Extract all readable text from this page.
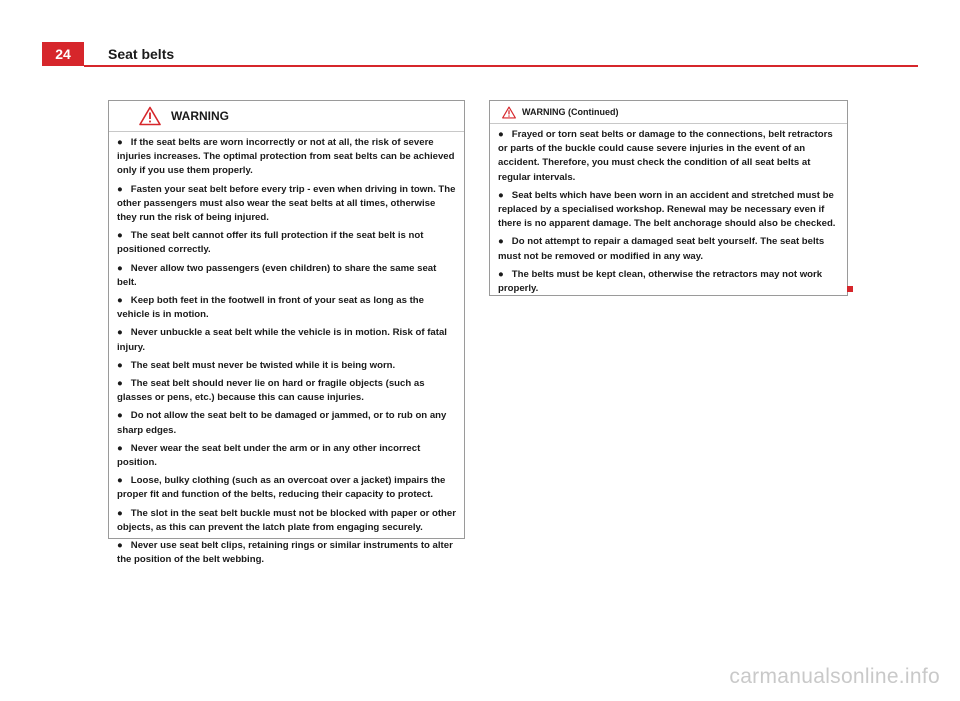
24	Seat belts
WARNING

● If the seat belts are worn incorrectly or not at all, the risk of severe injuries increases. The optimal protection from seat belts can be achieved only if you use them properly.

● Fasten your seat belt before every trip - even when driving in town. The other passengers must also wear the seat belts at all times, otherwise they run the risk of being injured.

● The seat belt cannot offer its full protection if the seat belt is not positioned correctly.

● Never allow two passengers (even children) to share the same seat belt.

● Keep both feet in the footwell in front of your seat as long as the vehicle is in motion.

● Never unbuckle a seat belt while the vehicle is in motion. Risk of fatal injury.

● The seat belt must never be twisted while it is being worn.

● The seat belt should never lie on hard or fragile objects (such as glasses or pens, etc.) because this can cause injuries.

● Do not allow the seat belt to be damaged or jammed, or to rub on any sharp edges.

● Never wear the seat belt under the arm or in any other incorrect position.

● Loose, bulky clothing (such as an overcoat over a jacket) impairs the proper fit and function of the belts, reducing their capacity to protect.

● The slot in the seat belt buckle must not be blocked with paper or other objects, as this can prevent the latch plate from engaging securely.

● Never use seat belt clips, retaining rings or similar instruments to alter the position of the belt webbing.

WARNING (Continued)

● Frayed or torn seat belts or damage to the connections, belt retractors or parts of the buckle could cause severe injuries in the event of an accident. Therefore, you must check the condition of all seat belts at regular intervals.

● Seat belts which have been worn in an accident and stretched must be replaced by a specialised workshop. Renewal may be necessary even if there is no apparent damage. The belt anchorage should also be checked.

● Do not attempt to repair a damaged seat belt yourself. The seat belts must not be removed or modified in any way.

● The belts must be kept clean, otherwise the retractors may not work properly.

carmanualsonline.info
